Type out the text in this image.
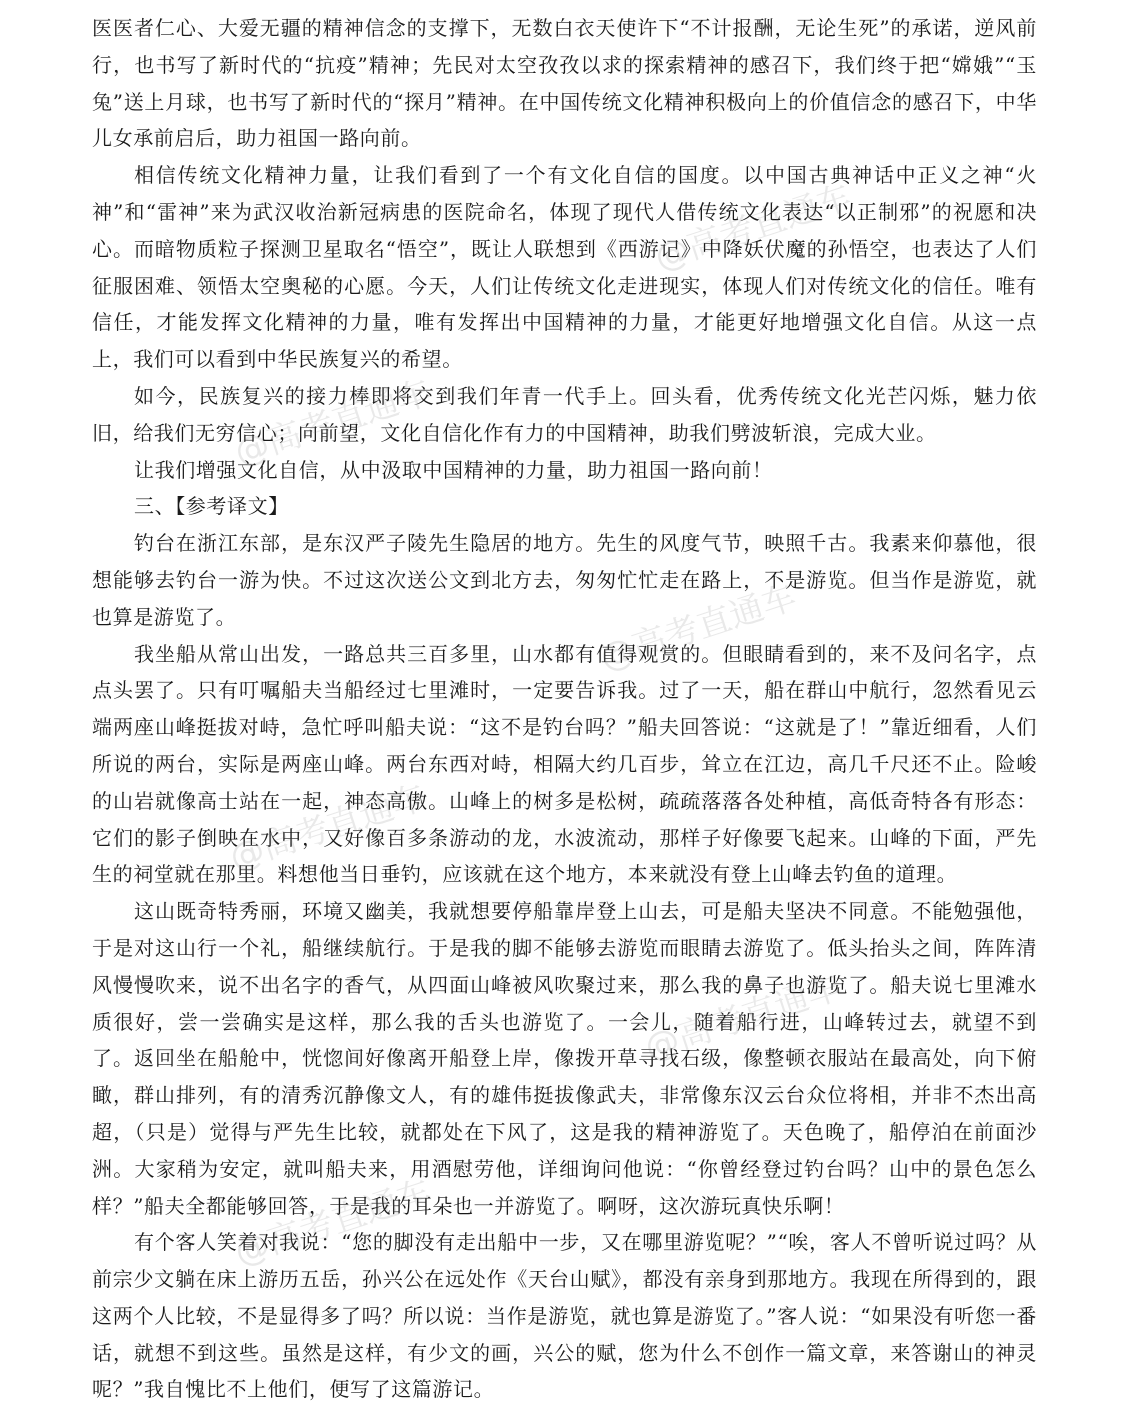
医医者仁心、大爱无疆的精神信念的支撑下，无数白衣天使许下“不计报酬，无论生死”的承诺，逆风前行，也书写了新时代的“抗疫”精神；先民对太空孜孜以求的探索精神的感召下，我们终于把“嫦娥”“玉兔”送上月球，也书写了新时代的“探月”精神。在中国传统文化精神积极向上的价值信念的感召下，中华儿女承前启后，助力祖国一路向前。

相信传统文化精神力量，让我们看到了一个有文化自信的国度。以中国古典神话中正义之神“火神”和“雷神”来为武汉收治新冠病患的医院命名，体现了现代人借传统文化表达“以正制邪”的祝愿和决心。而暗物质粒子探测卫星取名“悟空”，既让人联想到《西游记》中降妖伏魔的孙悟空，也表达了人们征服困难、领悟太空奥秘的心愿。今天，人们让传统文化走进现实，体现人们对传统文化的信任。唯有信任，才能发挥文化精神的力量，唯有发挥出中国精神的力量，才能更好地增强文化自信。从这一点上，我们可以看到中华民族复兴的希望。

如今，民族复兴的接力棒即将交到我们年青一代手上。回头看，优秀传统文化光芒闪烁，魅力依旧，给我们无穷信心；向前望，文化自信化作有力的中国精神，助我们劈波斩浪，完成大业。

让我们增强文化自信，从中汲取中国精神的力量，助力祖国一路向前！

三、【参考译文】

钓台在浙江东部，是东汉严子陵先生隐居的地方。先生的风度气节，映照千古。我素来仰慕他，很想能够去钓台一游为快。不过这次送公文到北方去，匆匆忙忙走在路上，不是游览。但当作是游览，就也算是游览了。

我坐船从常山出发，一路总共三百多里，山水都有值得观赏的。但眼睛看到的，来不及问名字，点点头罢了。只有叮嘱船夫当船经过七里滩时，一定要告诉我。过了一天，船在群山中航行，忽然看见云端两座山峰挺拔对峙，急忙呼叫船夫说：“这不是钓台吗？”船夫回答说：“这就是了！”靠近细看，人们所说的两台，实际是两座山峰。两台东西对峙，相隔大约几百步，耸立在江边，高几千尺还不止。险峻的山岩就像高士站在一起，神态高傲。山峰上的树多是松树，疏疏落落各处种植，高低奇特各有形态：它们的影子倒映在水中，又好像百多条游动的龙，水波流动，那样子好像要飞起来。山峰的下面，严先生的祠堂就在那里。料想他当日垂钓，应该就在这个地方，本来就没有登上山峰去钓鱼的道理。

这山既奇特秀丽，环境又幽美，我就想要停船靠岸登上山去，可是船夫坚决不同意。不能勉强他，于是对这山行一个礼，船继续航行。于是我的脚不能够去游览而眼睛去游览了。低头抬头之间，阵阵清风慢慢吹来，说不出名字的香气，从四面山峰被风吹聚过来，那么我的鼻子也游览了。船夫说七里滩水质很好，尝一尝确实是这样，那么我的舌头也游览了。一会儿，随着船行进，山峰转过去，就望不到了。返回坐在船舱中，恍惚间好像离开船登上岸，像拨开草寻找石级，像整顿衣服站在最高处，向下俯瞰，群山排列，有的清秀沉静像文人，有的雄伟挺拔像武夫，非常像东汉云台众位将相，并非不杰出高超，（只是）觉得与严先生比较，就都处在下风了，这是我的精神游览了。天色晚了，船停泊在前面沙洲。大家稍为安定，就叫船夫来，用酒慰劳他，详细询问他说：“你曾经登过钓台吗？山中的景色怎么样？”船夫全都能够回答，于是我的耳朵也一并游览了。啊呀，这次游玩真快乐啊！

有个客人笑着对我说：“您的脚没有走出船中一步，又在哪里游览呢？”“唉，客人不曾听说过吗？从前宗少文躺在床上游历五岳，孙兴公在远处作《天台山赋》，都没有亲身到那地方。我现在所得到的，跟这两个人比较，不是显得多了吗？所以说：当作是游览，就也算是游览了。”客人说：“如果没有听您一番话，就想不到这些。虽然是这样，有少文的画，兴公的赋，您为什么不创作一篇文章，来答谢山的神灵呢？”我自愧比不上他们，便写了这篇游记。

@高考直通车
@高考直通车
@高考直通车
@高考直通车
@高考直通车
@高考直通车
